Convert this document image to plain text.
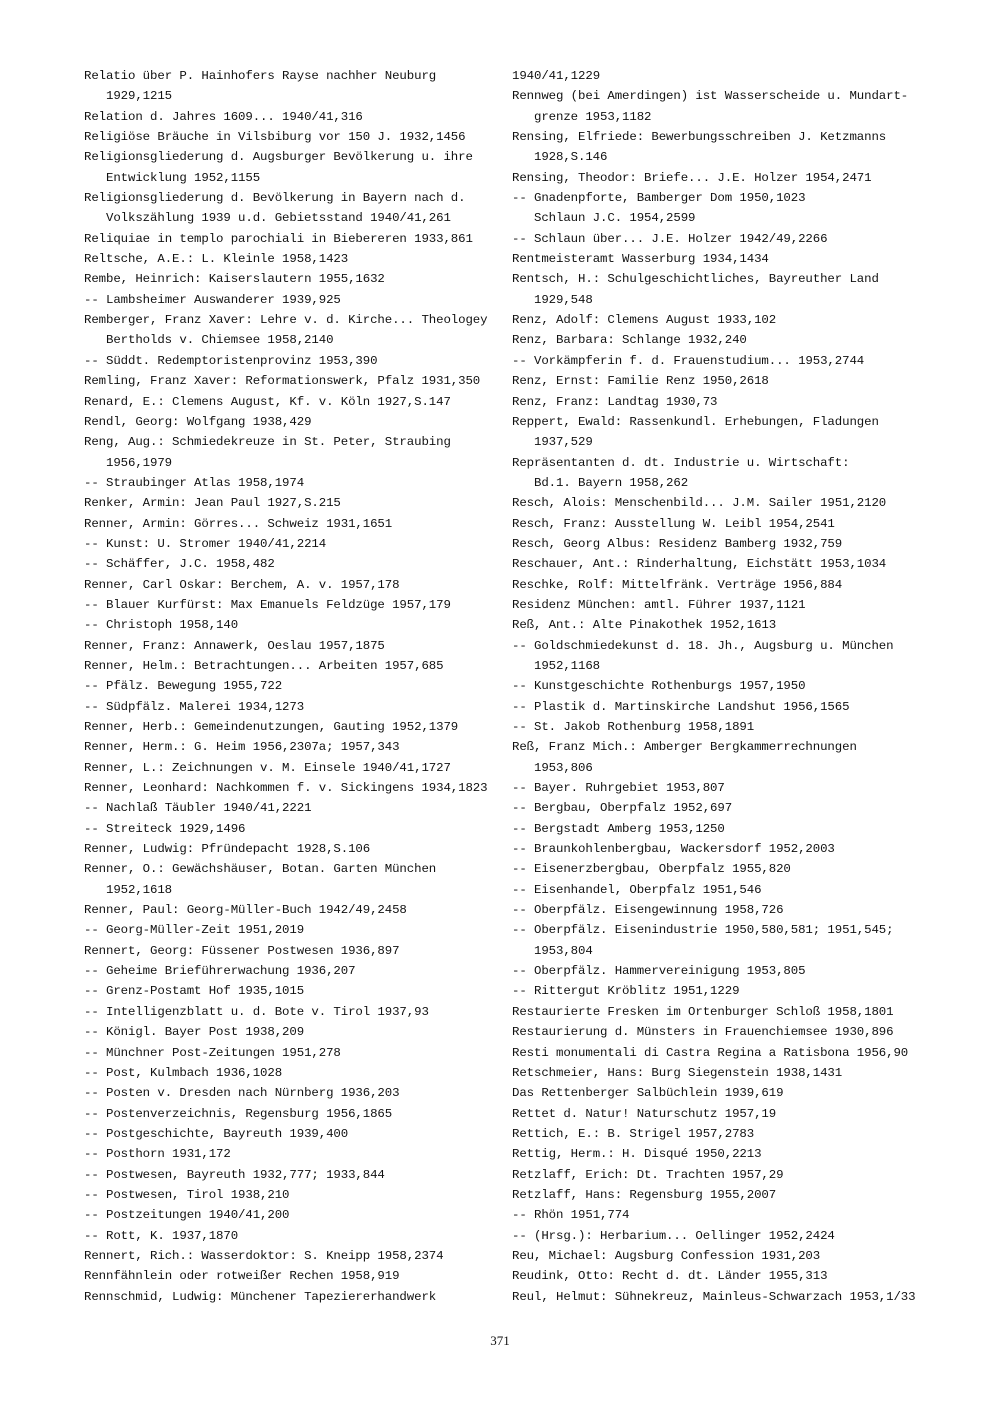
Relatio über P. Hainhofers Rayse nachher Neuburg
1929,1215
Relation d. Jahres 1609... 1940/41,316
Religiöse Bräuche in Vilsbiburg vor 150 J. 1932,1456
Religionsgliederung d. Augsburger Bevölkerung u. ihre
Entwicklung 1952,1155
Religionsgliederung d. Bevölkerung in Bayern nach d.
Volkszählung 1939 u.d. Gebietsstand 1940/41,261
Reliquiae in templo parochiali in Biebereren 1933,861
Reltsche, A.E.: L. Kleinle 1958,1423
Rembe, Heinrich: Kaiserslautern 1955,1632
-- Lambsheimer Auswanderer 1939,925
Remberger, Franz Xaver: Lehre v. d. Kirche... Theologey
Bertholds v. Chiemsee 1958,2140
-- Süddt. Redemptoristenprovinz 1953,390
Remling, Franz Xaver: Reformationswerk, Pfalz 1931,350
Renard, E.: Clemens August, Kf. v. Köln 1927,S.147
Rendl, Georg: Wolfgang 1938,429
Reng, Aug.: Schmiedekreuze in St. Peter, Straubing
1956,1979
-- Straubinger Atlas 1958,1974
Renker, Armin: Jean Paul 1927,S.215
Renner, Armin: Görres... Schweiz 1931,1651
-- Kunst: U. Stromer 1940/41,2214
-- Schäffer, J.C. 1958,482
Renner, Carl Oskar: Berchem, A. v. 1957,178
-- Blauer Kurfürst: Max Emanuels Feldzüge 1957,179
-- Christoph 1958,140
Renner, Franz: Annawerk, Oeslau 1957,1875
Renner, Helm.: Betrachtungen... Arbeiten 1957,685
-- Pfälz. Bewegung 1955,722
-- Südpfälz. Malerei 1934,1273
Renner, Herb.: Gemeindenutzungen, Gauting 1952,1379
Renner, Herm.: G. Heim 1956,2307a; 1957,343
Renner, L.: Zeichnungen v. M. Einsele 1940/41,1727
Renner, Leonhard: Nachkommen f. v. Sickingens 1934,1823
-- Nachlaß Täubler 1940/41,2221
-- Streiteck 1929,1496
Renner, Ludwig: Pfründepacht 1928,S.106
Renner, O.: Gewächshäuser, Botan. Garten München
1952,1618
Renner, Paul: Georg-Müller-Buch 1942/49,2458
-- Georg-Müller-Zeit 1951,2019
Rennert, Georg: Füssener Postwesen 1936,897
-- Geheime Brieführerwachung 1936,207
-- Grenz-Postamt Hof 1935,1015
-- Intelligenzblatt u. d. Bote v. Tirol 1937,93
-- Königl. Bayer Post 1938,209
-- Münchner Post-Zeitungen 1951,278
-- Post, Kulmbach 1936,1028
-- Posten v. Dresden nach Nürnberg 1936,203
-- Postenverzeichnis, Regensburg 1956,1865
-- Postgeschichte, Bayreuth 1939,400
-- Posthorn 1931,172
-- Postwesen, Bayreuth 1932,777; 1933,844
-- Postwesen, Tirol 1938,210
-- Postzeitungen 1940/41,200
-- Rott, K. 1937,1870
Rennert, Rich.: Wasserdoktor: S. Kneipp 1958,2374
Rennfähnlein oder rotweißer Rechen 1958,919
Rennschmid, Ludwig: Münchener Tapeziererhandwerk
1940/41,1229
Rennweg (bei Amerdingen) ist Wasserscheide u. Mundart-
grenze 1953,1182
Rensing, Elfriede: Bewerbungsschreiben J. Ketzmanns
1928,S.146
Rensing, Theodor: Briefe... J.E. Holzer 1954,2471
-- Gnadenpforte, Bamberger Dom 1950,1023
Schlaun J.C. 1954,2599
-- Schlaun über... J.E. Holzer 1942/49,2266
Rentmeisteramt Wasserburg 1934,1434
Rentsch, H.: Schulgeschichtliches, Bayreuther Land
1929,548
Renz, Adolf: Clemens August 1933,102
Renz, Barbara: Schlange 1932,240
-- Vorkämpferin f. d. Frauenstudium... 1953,2744
Renz, Ernst: Familie Renz 1950,2618
Renz, Franz: Landtag 1930,73
Reppert, Ewald: Rassenkundl. Erhebungen, Fladungen
1937,529
Repräsentanten d. dt. Industrie u. Wirtschaft:
Bd.1. Bayern 1958,262
Resch, Alois: Menschenbild... J.M. Sailer 1951,2120
Resch, Franz: Ausstellung W. Leibl 1954,2541
Resch, Georg Albus: Residenz Bamberg 1932,759
Reschauer, Ant.: Rinderhaltung, Eichstätt 1953,1034
Reschke, Rolf: Mittelfränk. Verträge 1956,884
Residenz München: amtl. Führer 1937,1121
Reß, Ant.: Alte Pinakothek 1952,1613
-- Goldschmiedekunst d. 18. Jh., Augsburg u. München
1952,1168
-- Kunstgeschichte Rothenburgs 1957,1950
-- Plastik d. Martinskirche Landshut 1956,1565
-- St. Jakob Rothenburg 1958,1891
Reß, Franz Mich.: Amberger Bergkammerrechnungen
1953,806
-- Bayer. Ruhrgebiet 1953,807
-- Bergbau, Oberpfalz 1952,697
-- Bergstadt Amberg 1953,1250
-- Braunkohlenbergbau, Wackersdorf 1952,2003
-- Eisenerzbergbau, Oberpfalz 1955,820
-- Eisenhandel, Oberpfalz 1951,546
-- Oberpfälz. Eisengewinnung 1958,726
-- Oberpfälz. Eisenindustrie 1950,580,581; 1951,545;
1953,804
-- Oberpfälz. Hammervereinigung 1953,805
-- Rittergut Kröblitz 1951,1229
Restaurierte Fresken im Ortenburger Schloß 1958,1801
Restaurierung d. Münsters in Frauenchiemsee 1930,896
Resti monumentali di Castra Regina a Ratisbona 1956,90
Retschmeier, Hans: Burg Siegenstein 1938,1431
Das Rettenberger Salbüchlein 1939,619
Rettet d. Natur! Naturschutz 1957,19
Rettich, E.: B. Strigel 1957,2783
Rettig, Herm.: H. Disqué 1950,2213
Retzlaff, Erich: Dt. Trachten 1957,29
Retzlaff, Hans: Regensburg 1955,2007
-- Rhön 1951,774
-- (Hrsg.): Herbarium... Oellinger 1952,2424
Reu, Michael: Augsburg Confession 1931,203
Reudink, Otto: Recht d. dt. Länder 1955,313
Reul, Helmut: Sühnekreuz, Mainleus-Schwarzach 1953,1/33
371
